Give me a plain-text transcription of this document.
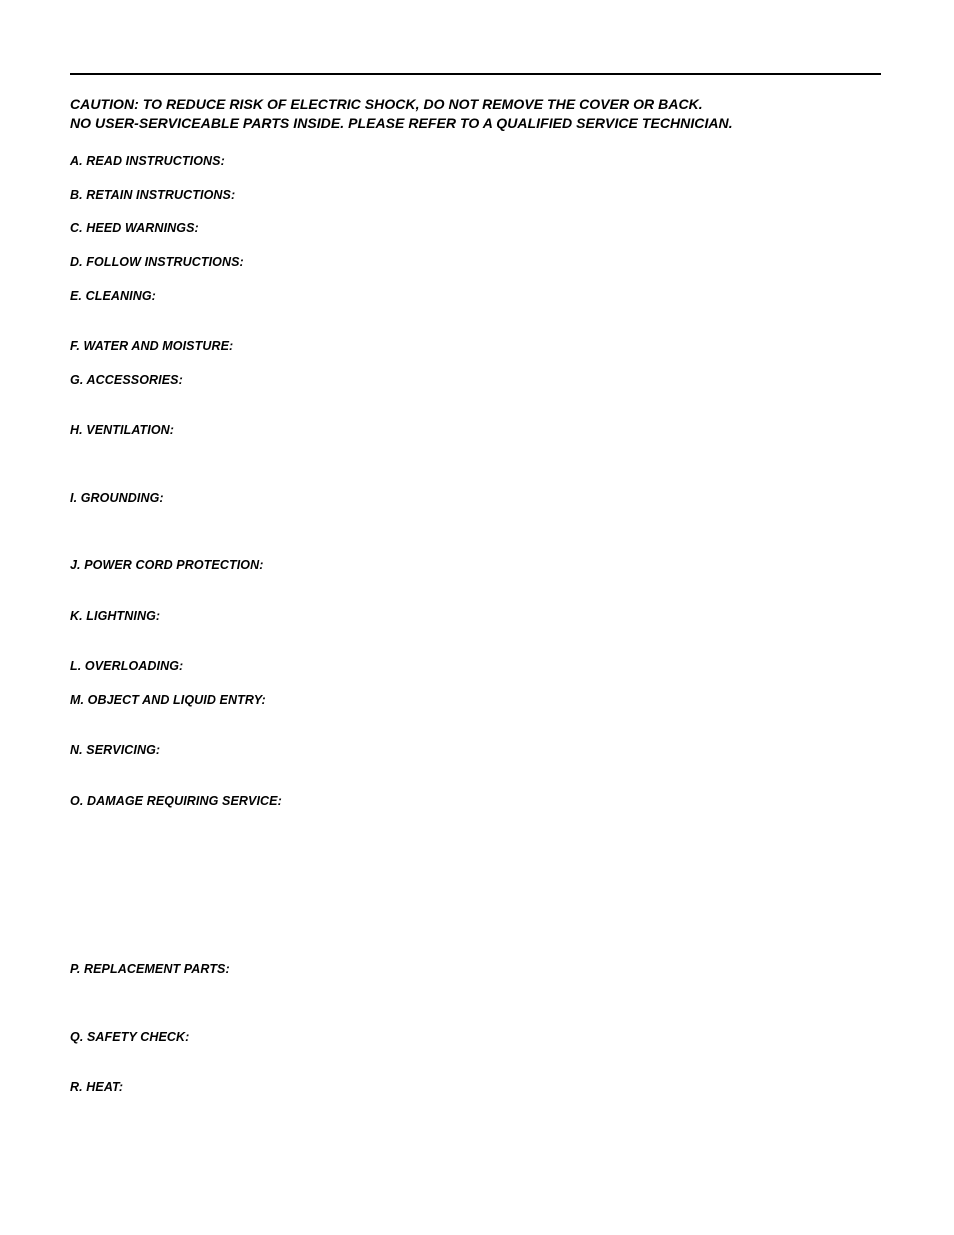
CAUTION: TO REDUCE RISK OF ELECTRIC SHOCK, DO NOT REMOVE THE COVER OR BACK.
NO USER-SERVICEABLE PARTS INSIDE. PLEASE REFER TO A QUALIFIED SERVICE TECHNICIAN.
A. READ INSTRUCTIONS:
B. RETAIN INSTRUCTIONS:
C. HEED WARNINGS:
D. FOLLOW INSTRUCTIONS:
E. CLEANING:
F. WATER AND MOISTURE:
G. ACCESSORIES:
H. VENTILATION:
I. GROUNDING:
J. POWER CORD PROTECTION:
K. LIGHTNING:
L. OVERLOADING:
M. OBJECT AND LIQUID ENTRY:
N. SERVICING:
O. DAMAGE REQUIRING SERVICE:
P. REPLACEMENT PARTS:
Q. SAFETY CHECK:
R. HEAT:
